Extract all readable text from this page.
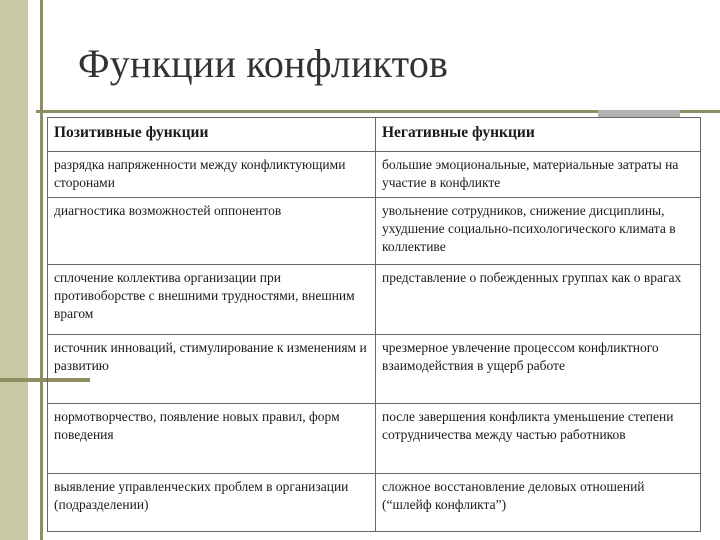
Функции конфликтов
Позитивные функции	Негативные функции
разрядка напряженности между конфликтующими сторонами	большие эмоциональные, материальные затраты на участие в конфликте
диагностика возможностей оппонентов	увольнение сотрудников, снижение дисциплины, ухудшение социально-психологического климата в коллективе
сплочение коллектива организации при противоборстве с внешними трудностями, внешним врагом	представление о побежденных группах как о врагах
источник инноваций, стимулирование к изменениям и развитию	чрезмерное увлечение процессом конфликтного взаимодействия в ущерб работе
нормотворчество, появление новых правил, форм поведения	после завершения конфликта уменьшение степени сотрудничества между частью работников
выявление управленческих проблем в организации (подразделении)	сложное восстановление деловых отношений (“шлейф конфликта”)
